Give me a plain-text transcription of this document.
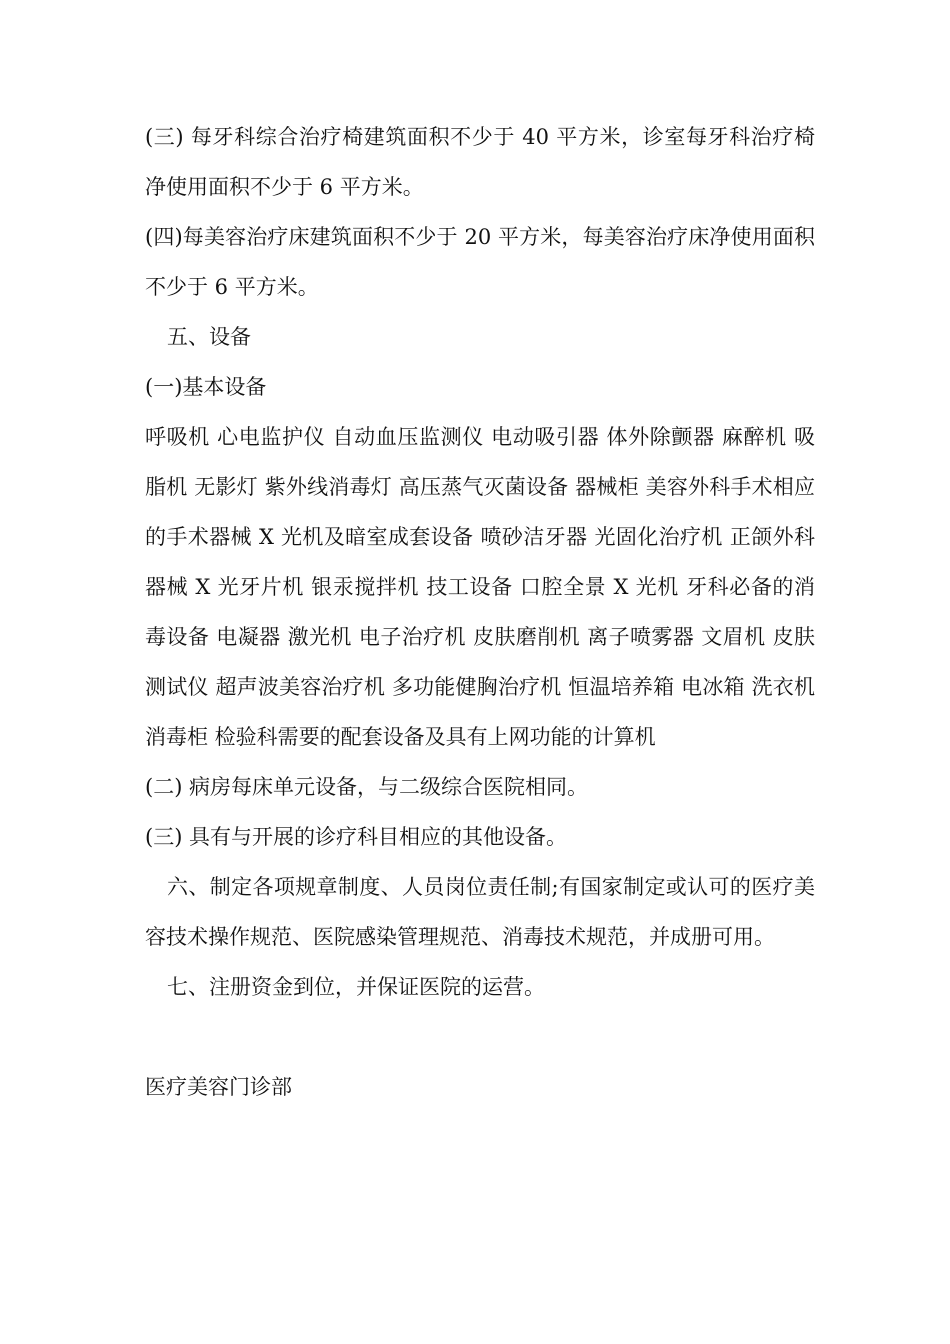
(三) 每牙科综合治疗椅建筑面积不少于 40 平方米，诊室每牙科治疗椅净使用面积不少于 6 平方米。

(四)每美容治疗床建筑面积不少于 20 平方米，每美容治疗床净使用面积不少于 6 平方米。

五、设备

(一)基本设备

呼吸机 心电监护仪 自动血压监测仪 电动吸引器 体外除颤器 麻醉机 吸脂机 无影灯 紫外线消毒灯 高压蒸气灭菌设备 器械柜 美容外科手术相应的手术器械 X 光机及暗室成套设备 喷砂洁牙器 光固化治疗机 正颌外科器械 X 光牙片机 银汞搅拌机 技工设备 口腔全景 X 光机 牙科必备的消毒设备 电凝器 激光机 电子治疗机 皮肤磨削机 离子喷雾器 文眉机 皮肤测试仪 超声波美容治疗机 多功能健胸治疗机 恒温培养箱 电冰箱 洗衣机 消毒柜 检验科需要的配套设备及具有上网功能的计算机

(二) 病房每床单元设备，与二级综合医院相同。

(三) 具有与开展的诊疗科目相应的其他设备。

六、制定各项规章制度、人员岗位责任制;有国家制定或认可的医疗美容技术操作规范、医院感染管理规范、消毒技术规范，并成册可用。

七、注册资金到位，并保证医院的运营。

医疗美容门诊部
